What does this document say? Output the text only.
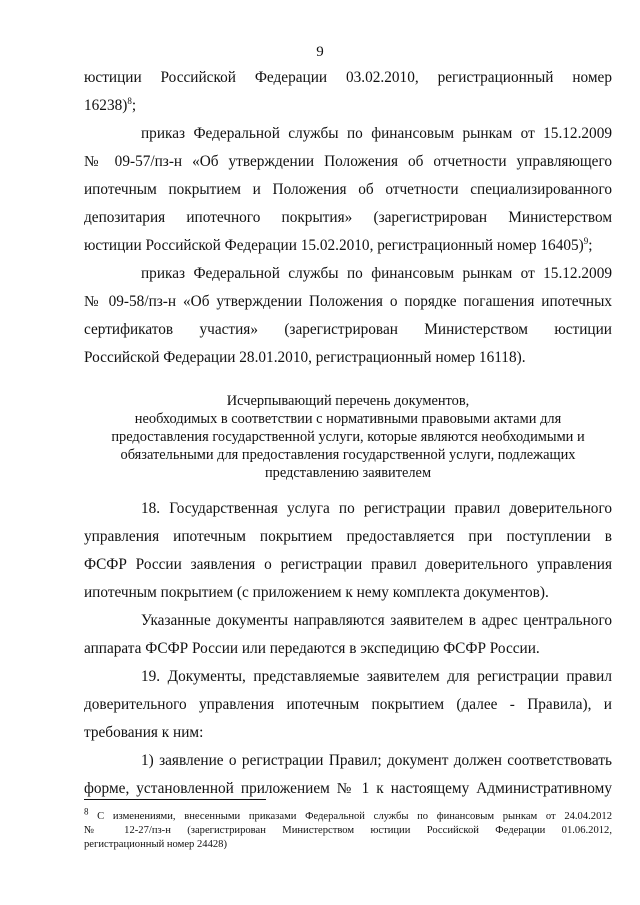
9
юстиции Российской Федерации 03.02.2010, регистрационный номер
16238)$^8$;
приказ Федеральной службы по финансовым рынкам от 15.12.2009
№ 09-57/пз-н «Об утверждении Положения об отчетности управляющего
ипотечным покрытием и Положения об отчетности специализированного
депозитария ипотечного покрытия» (зарегистрирован Министерством
юстиции Российской Федерации 15.02.2010, регистрационный номер 16405)$^9$;
приказ Федеральной службы по финансовым рынкам от 15.12.2009
№ 09-58/пз-н «Об утверждении Положения о порядке погашения ипотечных
сертификатов участия» (зарегистрирован Министерством юстиции
Российской Федерации 28.01.2010, регистрационный номер 16118).
Исчерпывающий перечень документов,
необходимых в соответствии с нормативными правовыми актами для
предоставления государственной услуги, которые являются необходимыми и
обязательными для предоставления государственной услуги, подлежащих
представлению заявителем
18. Государственная услуга по регистрации правил доверительного
управления ипотечным покрытием предоставляется при поступлении в
ФСФР России заявления о регистрации правил доверительного управления
ипотечным покрытием (с приложением к нему комплекта документов).
Указанные документы направляются заявителем в адрес центрального
аппарата ФСФР России или передаются в экспедицию ФСФР России.
19. Документы, представляемые заявителем для регистрации правил
доверительного управления ипотечным покрытием (далее - Правила), и
требования к ним:
1) заявление о регистрации Правил; документ должен соответствовать
форме, установленной приложением № 1 к настоящему Административному
$^8$ С изменениями, внесенными приказами Федеральной службы по финансовым рынкам от 24.04.2012
№ 12-27/пз-н (зарегистрирован Министерством юстиции Российской Федерации 01.06.2012,
регистрационный номер 24428)
